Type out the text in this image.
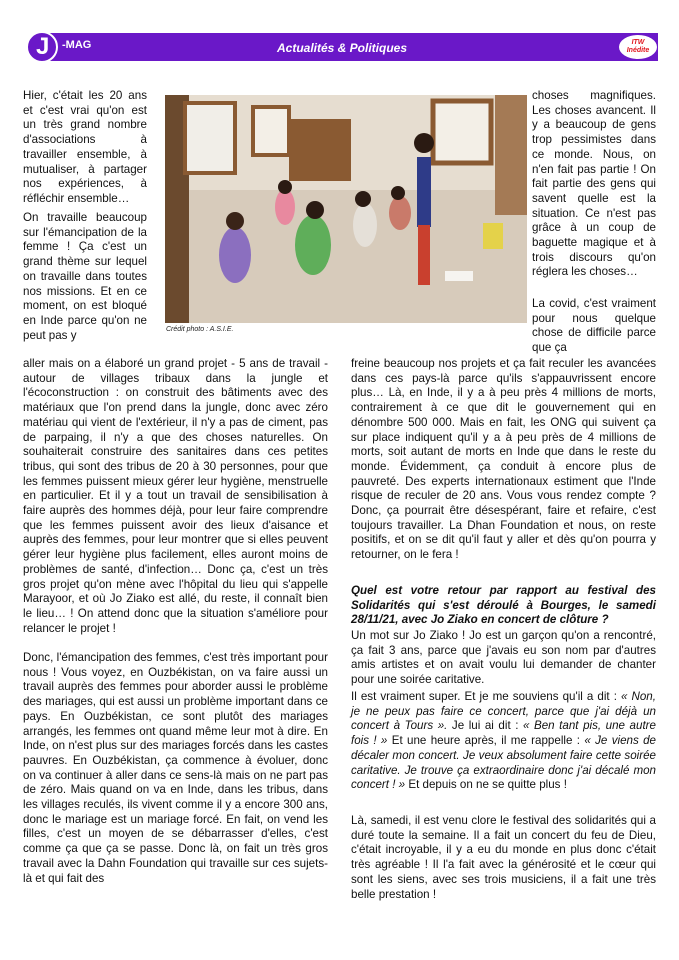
J -MAG	Actualités & Politiques	ITW
Inédite
Crédit photo : A.S.I.E.
Hier, c'était les 20 ans et c'est vrai qu'on est un très grand nombre d'associations à travailler ensemble, à mutualiser, à partager nos expériences, à réfléchir ensemble…
On travaille beaucoup sur l'émancipation de la femme ! Ça c'est un grand thème sur lequel on travaille dans toutes nos missions. Et en ce moment, on est bloqué en Inde parce qu'on ne peut pas y
aller mais on a élaboré un grand projet - 5 ans de travail - autour de villages tribaux dans la jungle et l'écoconstruction : on construit des bâtiments avec des matériaux que l'on prend dans la jungle, donc avec zéro matériau qui vient de l'extérieur, il n'y a pas de ciment, pas de parpaing, il n'y a que des choses naturelles. On souhaiterait construire des sanitaires dans ces petites tribus, qui sont des tribus de 20 à 30 personnes, pour que les femmes puissent mieux gérer leur hygiène, menstruelle en particulier. Et il y a tout un travail de sensibilisation à faire auprès des hommes déjà, pour leur faire comprendre que les femmes puissent avoir des lieux d'aisance et auprès des femmes, pour leur montrer que si elles peuvent gérer leur hygiène plus facilement, elles auront moins de problèmes de santé, d'infection… Donc ça, c'est un très gros projet qu'on mène avec l'hôpital du lieu qui s'appelle Marayoor, et où Jo Ziako est allé, du reste, il connaît bien le lieu… ! On attend donc que la situation s'améliore pour relancer le projet !
Donc, l'émancipation des femmes, c'est très important pour nous ! Vous voyez, en Ouzbékistan, on va faire aussi un travail auprès des femmes pour aborder aussi le problème des mariages, qui est aussi un problème important dans ce pays. En Ouzbékistan, ce sont plutôt des mariages arrangés, les femmes ont quand même leur mot à dire. En Inde, on n'est plus sur des mariages forcés dans les castes pauvres. En Ouzbékistan, ça commence à évoluer, donc on va continuer à aller dans ce sens-là mais on ne part pas de zéro. Mais quand on va en Inde, dans les tribus, dans les villages reculés, ils vivent comme il y a encore 300 ans, donc le mariage est un mariage forcé. En fait, on vend les filles, c'est un moyen de se débarrasser d'elles, c'est comme ça que ça se passe. Donc là, on fait un très gros travail avec la Dahn Foundation qui travaille sur ces sujets-là et qui fait des
choses magnifiques. Les choses avancent. Il y a beaucoup de gens trop pessimistes dans ce monde. Nous, on n'en fait pas partie ! On fait partie des gens qui savent quelle est la situation. Ce n'est pas grâce à un coup de baguette magique et à trois discours qu'on réglera les choses…
La covid, c'est vraiment pour nous quelque chose de difficile parce que ça
freine beaucoup nos projets et ça fait reculer les avancées dans ces pays-là parce qu'ils s'appauvrissent encore plus… Là, en Inde, il y a à peu près 4 millions de morts, contrairement à ce que dit le gouvernement qui en dénombre 500 000. Mais en fait, les ONG qui suivent ça sur place indiquent qu'il y a à peu près de 4 millions de morts, soit autant de morts en Inde que dans le reste du monde. Évidemment, ça conduit à encore plus de pauvreté. Des experts internationaux estiment que l'Inde risque de reculer de 20 ans. Vous vous rendez compte ? Donc, ça pourrait être désespérant, faire et refaire, c'est toujours travailler. La Dhan Foundation et nous, on reste positifs, et on se dit qu'il faut y aller et dès qu'on pourra y retourner, on le fera !
Quel est votre retour par rapport au festival des Solidarités qui s'est déroulé à Bourges, le samedi 28/11/21, avec Jo Ziako en concert de clôture ?
Un mot sur Jo Ziako ! Jo est un garçon qu'on a rencontré, ça fait 3 ans, parce que j'avais eu son nom par d'autres amis artistes et on avait voulu lui demander de chanter pour une soirée caritative.
Il est vraiment super. Et je me souviens qu'il a dit : « Non, je ne peux pas faire ce concert, parce que j'ai déjà un concert à Tours ». Je lui ai dit : « Ben tant pis, une autre fois ! » Et une heure après, il me rappelle : « Je viens de décaler mon concert. Je veux absolument faire cette soirée caritative. Je trouve ça extraordinaire donc j'ai décalé mon concert ! » Et depuis on ne se quitte plus !
Là, samedi, il est venu clore le festival des solidarités qui a duré toute la semaine. Il a fait un concert du feu de Dieu, c'était incroyable, il y a eu du monde en plus donc c'était très agréable ! Il l'a fait avec la générosité et le cœur qui sont les siens, avec ses trois musiciens, il a fait une très belle prestation !
